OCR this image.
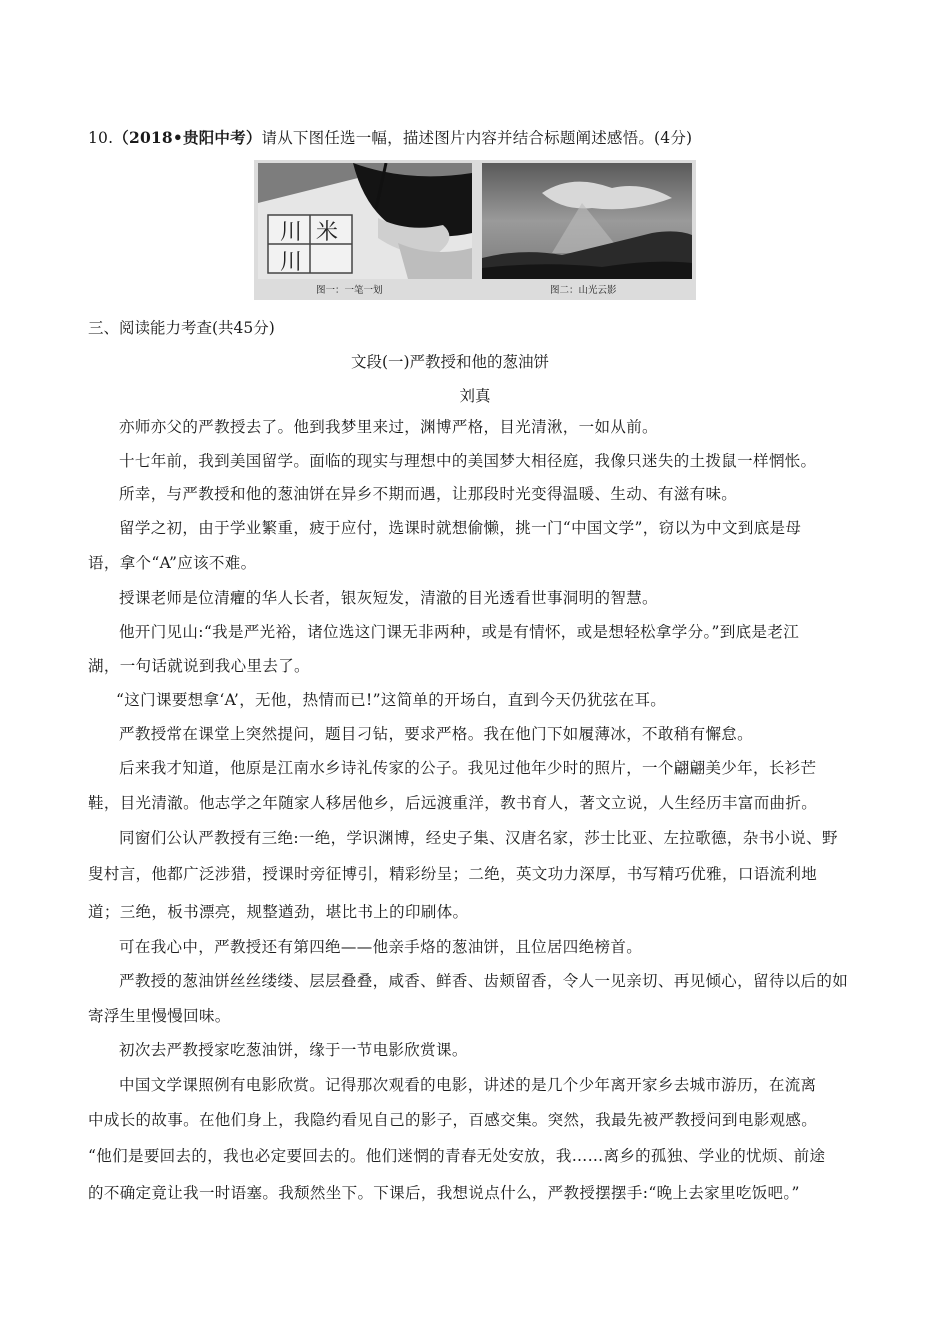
10.（2018•贵阳中考）请从下图任选一幅，描述图片内容并结合标题阐述感悟。(4分)
川 米
川
图一：一笔一划	图二：山光云影
三、阅读能力考查(共45分)
文段(一)严教授和他的葱油饼
刘真
亦师亦父的严教授去了。他到我梦里来过，渊博严格，目光清湫，一如从前。
十七年前，我到美国留学。面临的现实与理想中的美国梦大相径庭，我像只迷失的土拨鼠一样惘怅。
所幸，与严教授和他的葱油饼在异乡不期而遇，让那段时光变得温暖、生动、有滋有味。
留学之初，由于学业繁重，疲于应付，选课时就想偷懒，挑一门“中国文学”，窃以为中文到底是母
语，拿个“A”应该不难。
授课老师是位清癯的华人长者，银灰短发，清澈的目光透看世事洞明的智慧。
他开门见山:“我是严光裕，诸位选这门课无非两种，或是有情怀，或是想轻松拿学分。”到底是老江
湖，一句话就说到我心里去了。
“这门课要想拿‘A’，无他，热情而已!”这简单的开场白，直到今天仍犹弦在耳。
严教授常在课堂上突然提问，题目刁钻，要求严格。我在他门下如履薄冰，不敢稍有懈怠。
后来我才知道，他原是江南水乡诗礼传家的公子。我见过他年少时的照片，一个翩翩美少年，长衫芒
鞋，目光清澈。他志学之年随家人移居他乡，后远渡重洋，教书育人，著文立说，人生经历丰富而曲折。
同窗们公认严教授有三绝:一绝，学识渊博，经史子集、汉唐名家，莎士比亚、左拉歌德，杂书小说、野
叟村言，他都广泛涉猎，授课时旁征博引，精彩纷呈；二绝，英文功力深厚，书写精巧优雅，口语流利地
道；三绝，板书漂亮，规整遒劲，堪比书上的印刷体。
可在我心中，严教授还有第四绝——他亲手烙的葱油饼，且位居四绝榜首。
严教授的葱油饼丝丝缕缕、层层叠叠，咸香、鲜香、齿颊留香，令人一见亲切、再见倾心，留待以后的如
寄浮生里慢慢回味。
初次去严教授家吃葱油饼，缘于一节电影欣赏课。
中国文学课照例有电影欣赏。记得那次观看的电影，讲述的是几个少年离开家乡去城市游历，在流离
中成长的故事。在他们身上，我隐约看见自己的影子，百感交集。突然，我最先被严教授问到电影观感。
“他们是要回去的，我也必定要回去的。他们迷惘的青春无处安放，我……离乡的孤独、学业的忧烦、前途
的不确定竟让我一时语塞。我颓然坐下。下课后，我想说点什么，严教授摆摆手:“晚上去家里吃饭吧。”
